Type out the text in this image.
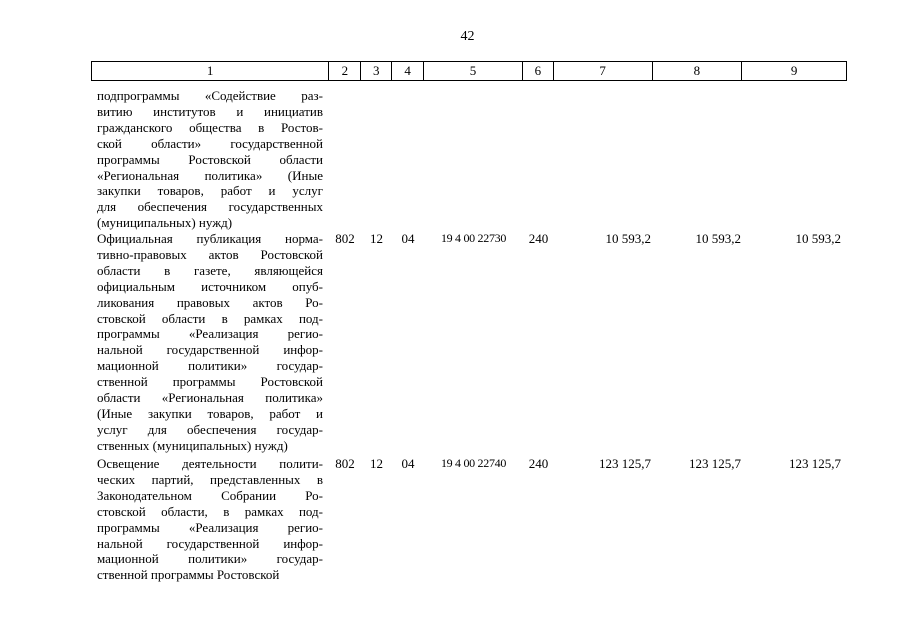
42
1	2	3	4	5	6	7	8	9
подпрограммы «Содействие раз-
витию институтов и инициатив
гражданского общества в Ростов-
ской области» государственной
программы Ростовской области
«Региональная политика» (Иные
закупки товаров, работ и услуг
для обеспечения государственных
(муниципальных) нужд)
Официальная публикация норма-
тивно-правовых актов Ростовской
области в газете, являющейся
официальным источником опуб-
ликования правовых актов Ро-
стовской области в рамках под-
программы «Реализация регио-
нальной государственной инфор-
мационной политики» государ-
ственной программы Ростовской
области «Региональная политика»
(Иные закупки товаров, работ и
услуг для обеспечения государ-
ственных (муниципальных) нужд)
802	12	04	19 4 00 22730	240	10 593,2	10 593,2	10 593,2
Освещение деятельности полити-
ческих партий, представленных в
Законодательном Собрании Ро-
стовской области, в рамках под-
программы «Реализация регио-
нальной государственной инфор-
мационной политики» государ-
ственной программы Ростовской
802	12	04	19 4 00 22740	240	123 125,7	123 125,7	123 125,7
